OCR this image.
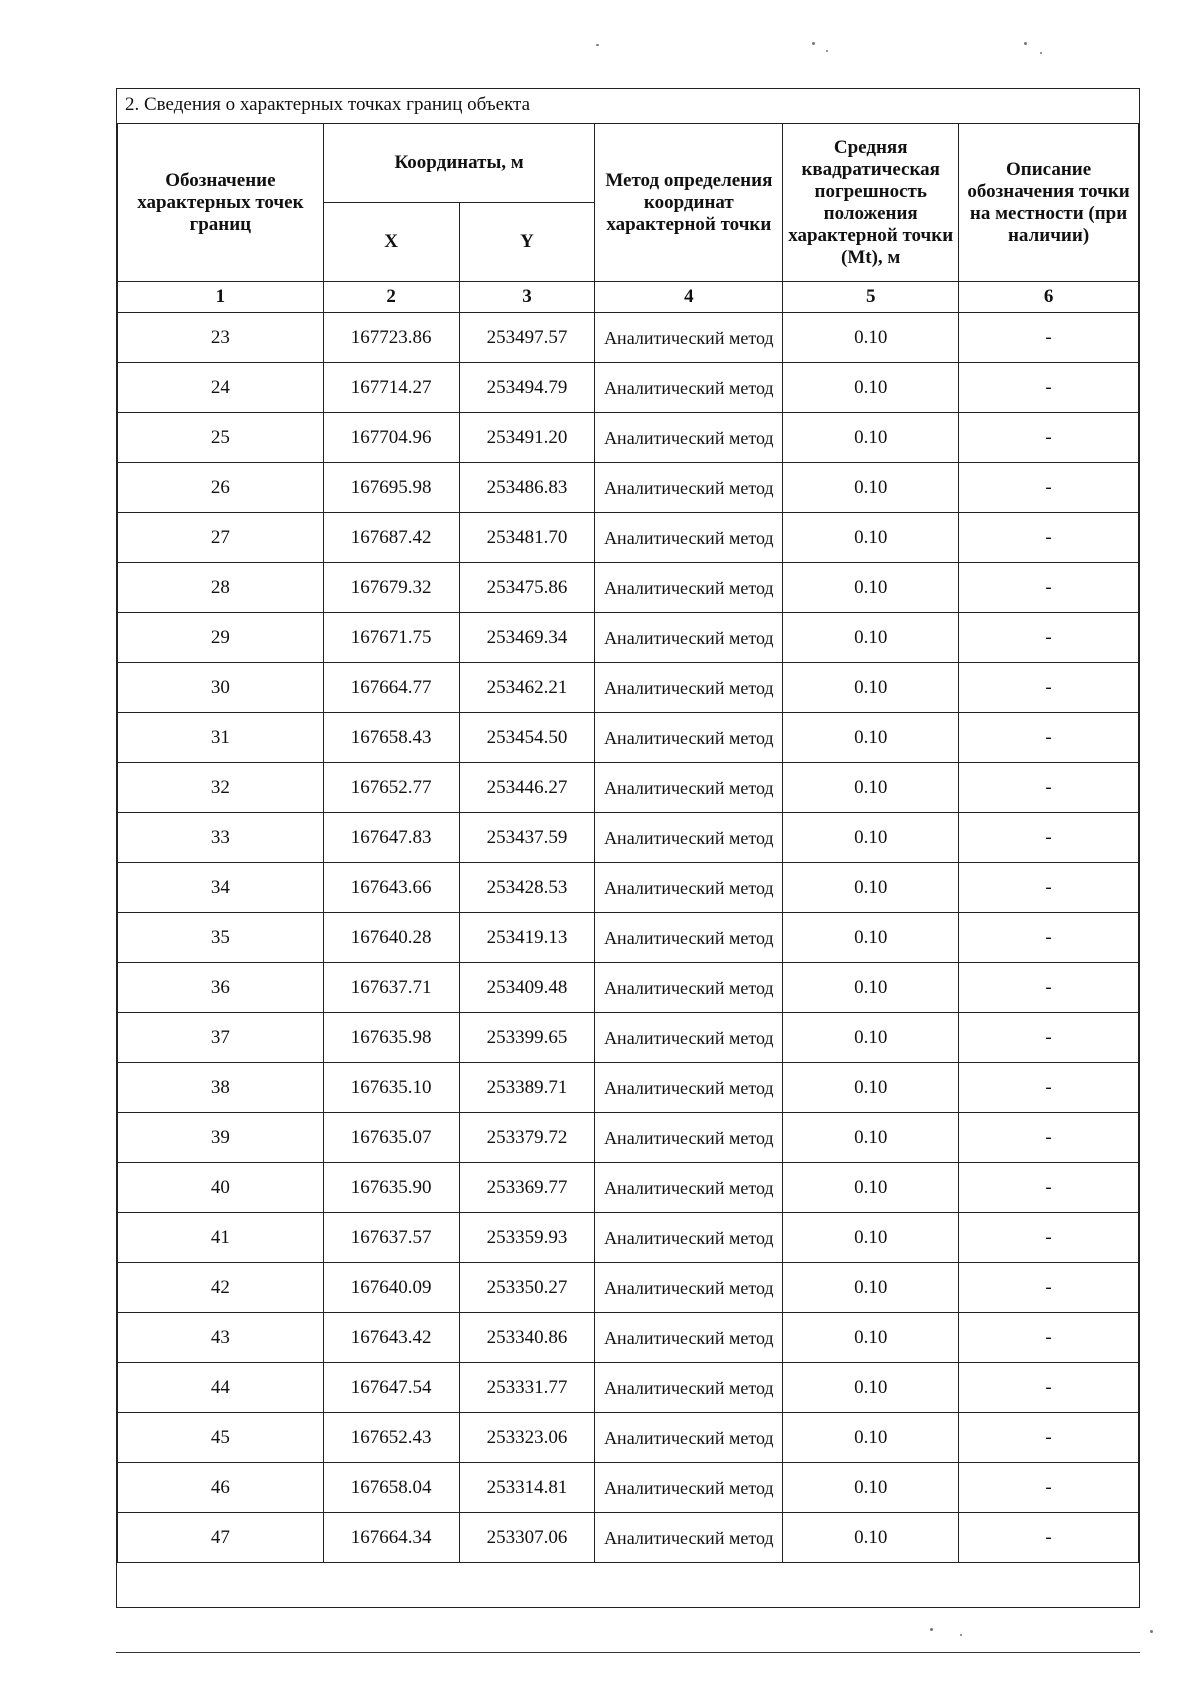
2. Сведения о характерных точках границ объекта
Обозначение характерных точек границ	Координаты, м		Метод определения координат характерной точки	Средняя квадратическая погрешность положения характерной точки (Mt), м	Описание обозначения точки на местности (при наличии)
	X	Y			
1	2	3	4	5	6
23	167723.86	253497.57	Аналитический метод	0.10	-
24	167714.27	253494.79	Аналитический метод	0.10	-
25	167704.96	253491.20	Аналитический метод	0.10	-
26	167695.98	253486.83	Аналитический метод	0.10	-
27	167687.42	253481.70	Аналитический метод	0.10	-
28	167679.32	253475.86	Аналитический метод	0.10	-
29	167671.75	253469.34	Аналитический метод	0.10	-
30	167664.77	253462.21	Аналитический метод	0.10	-
31	167658.43	253454.50	Аналитический метод	0.10	-
32	167652.77	253446.27	Аналитический метод	0.10	-
33	167647.83	253437.59	Аналитический метод	0.10	-
34	167643.66	253428.53	Аналитический метод	0.10	-
35	167640.28	253419.13	Аналитический метод	0.10	-
36	167637.71	253409.48	Аналитический метод	0.10	-
37	167635.98	253399.65	Аналитический метод	0.10	-
38	167635.10	253389.71	Аналитический метод	0.10	-
39	167635.07	253379.72	Аналитический метод	0.10	-
40	167635.90	253369.77	Аналитический метод	0.10	-
41	167637.57	253359.93	Аналитический метод	0.10	-
42	167640.09	253350.27	Аналитический метод	0.10	-
43	167643.42	253340.86	Аналитический метод	0.10	-
44	167647.54	253331.77	Аналитический метод	0.10	-
45	167652.43	253323.06	Аналитический метод	0.10	-
46	167658.04	253314.81	Аналитический метод	0.10	-
47	167664.34	253307.06	Аналитический метод	0.10	-
